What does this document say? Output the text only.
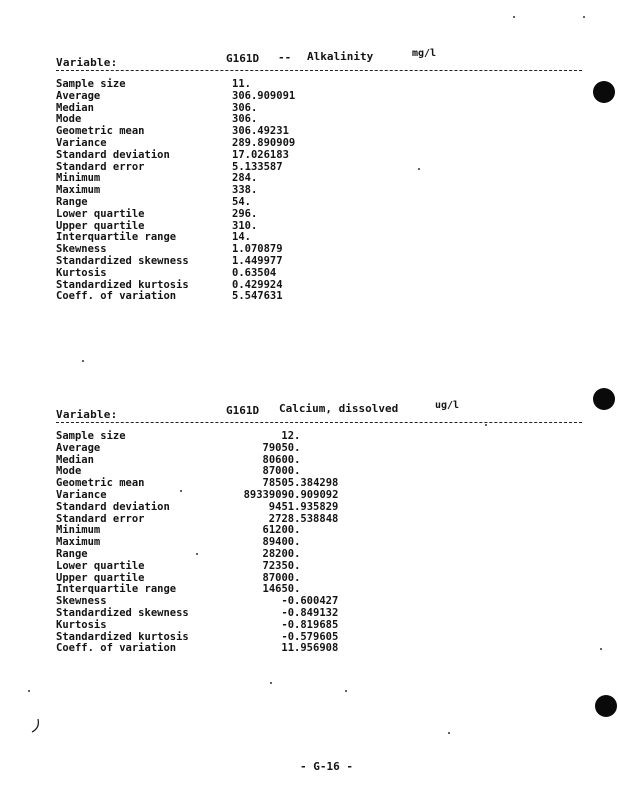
Variable:	G161D -- Alkalinity	mg/l
Sample size	11.
Average	306.909091
Median	306.
Mode	306.
Geometric mean	306.49231
Variance	289.890909
Standard deviation	17.026183
Standard error	5.133587
Minimum	284.
Maximum	338.
Range	54.
Lower quartile	296.
Upper quartile	310.
Interquartile range	14.
Skewness	1.070879
Standardized skewness	1.449977
Kurtosis	0.63504
Standardized kurtosis	0.429924
Coeff. of variation	5.547631
Variable:	G161D Calcium, dissolved	ug/l
Sample size	12.
Average	79050.
Median	80600.
Mode	87000.
Geometric mean	78505.384298
Variance	89339090.909092
Standard deviation	9451.935829
Standard error	2728.538848
Minimum	61200.
Maximum	89400.
Range	28200.
Lower quartile	72350.
Upper quartile	87000.
Interquartile range	14650.
Skewness	-0.600427
Standardized skewness	-0.849132
Kurtosis	-0.819685
Standardized kurtosis	-0.579605
Coeff. of variation	11.956908
- G-16 -
